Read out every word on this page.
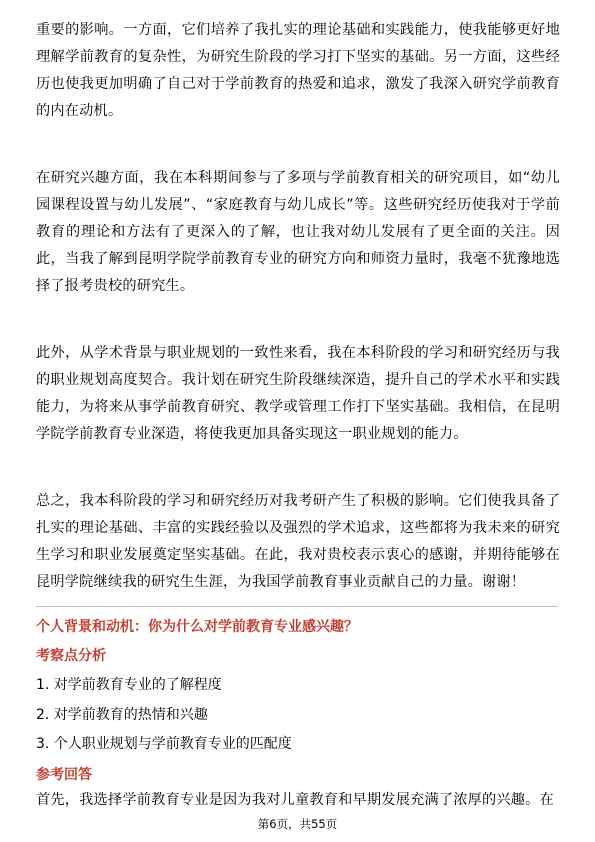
重要的影响。一方面，它们培养了我扎实的理论基础和实践能力，使我能够更好地理解学前教育的复杂性，为研究生阶段的学习打下坚实的基础。另一方面，这些经历也使我更加明确了自己对于学前教育的热爱和追求，激发了我深入研究学前教育的内在动机。

在研究兴趣方面，我在本科期间参与了多项与学前教育相关的研究项目，如“幼儿园课程设置与幼儿发展”、“家庭教育与幼儿成长”等。这些研究经历使我对于学前教育的理论和方法有了更深入的了解，也让我对幼儿发展有了更全面的关注。因此，当我了解到昆明学院学前教育专业的研究方向和师资力量时，我毫不犹豫地选择了报考贵校的研究生。

此外，从学术背景与职业规划的一致性来看，我在本科阶段的学习和研究经历与我的职业规划高度契合。我计划在研究生阶段继续深造，提升自己的学术水平和实践能力，为将来从事学前教育研究、教学或管理工作打下坚实基础。我相信，在昆明学院学前教育专业深造，将使我更加具备实现这一职业规划的能力。

总之，我本科阶段的学习和研究经历对我考研产生了积极的影响。它们使我具备了扎实的理论基础、丰富的实践经验以及强烈的学术追求，这些都将为我未来的研究生学习和职业发展奠定坚实基础。在此，我对贵校表示衷心的感谢，并期待能够在昆明学院继续我的研究生生涯，为我国学前教育事业贡献自己的力量。谢谢！

个人背景和动机：你为什么对学前教育专业感兴趣？

考察点分析

1. 对学前教育专业的了解程度

2. 对学前教育的热情和兴趣

3. 个人职业规划与学前教育专业的匹配度

参考回答

首先，我选择学前教育专业是因为我对儿童教育和早期发展充满了浓厚的兴趣。在

第6页，共55页
